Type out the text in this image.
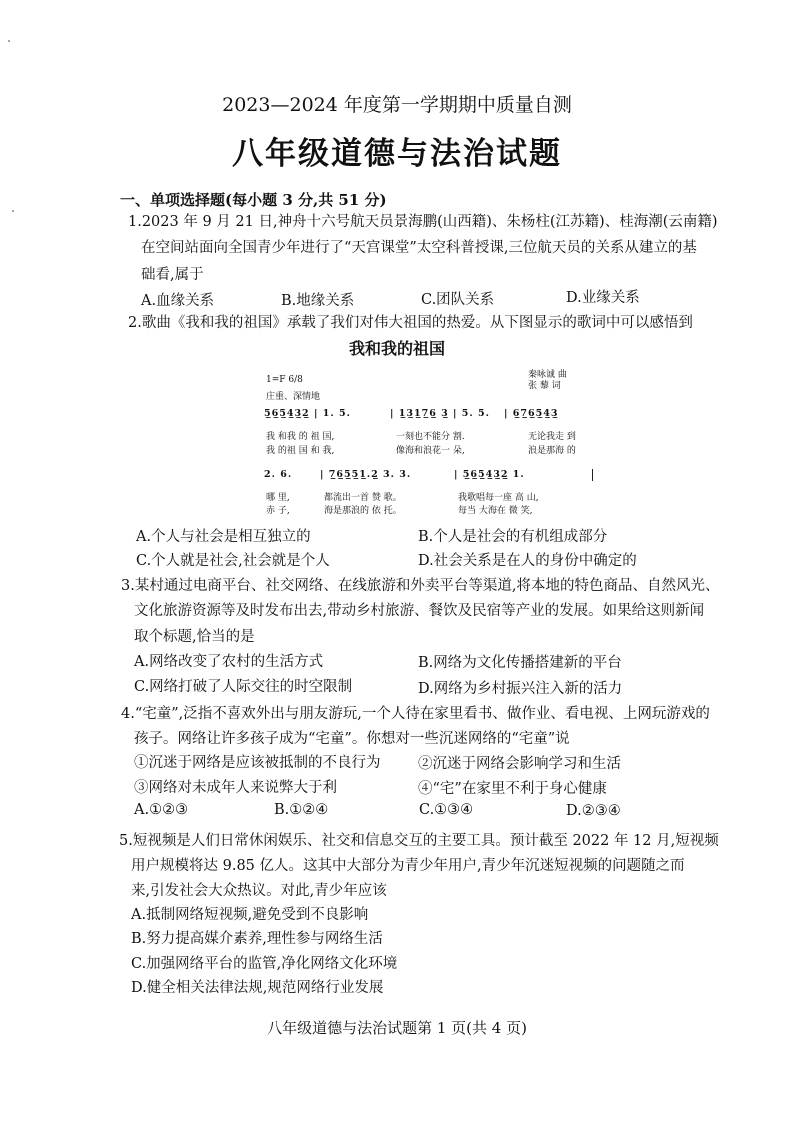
2023—2024 年度第一学期期中质量自测
八年级道德与法治试题
一、单项选择题(每小题 3 分,共 51 分)
1.2023 年 9 月 21 日,神舟十六号航天员景海鹏(山西籍)、朱杨柱(江苏籍)、桂海潮(云南籍)
在空间站面向全国青少年进行了“天宫课堂”太空科普授课,三位航天员的关系从建立的基
础看,属于
A.血缘关系	B.地缘关系	C.团队关系	D.业缘关系
2.歌曲《我和我的祖国》承载了我们对伟大祖国的热爱。从下图显示的歌词中可以感悟到
我和我的祖国
1=F 6/8
庄重、深情地
秦咏诚 曲
张 藜 词
5̲6̲5̲4̲3̲2̲ | 1. 5.	| 1̲3̲1̲7̲6̲ 3̲ | 5. 5. | 6̲7̲6̲5̲4̲3̲
我 和我 的 祖 国,	一刻也不能分 割.	无论我走 到
我 的祖 国 和 我,	像海和浪花一 朵,	浪是那海 的
2. 6.	| 7̲6̲5̲5̲1̲.2̲ 3. 3.	| 5̲6̲5̲4̲3̲2̲ 1.
哪 里,	都流出一首 赞 歌。	我歌唱每一座 高 山,
赤 子,	海是那浪的 依 托。	每当 大海在 微 笑,
A.个人与社会是相互独立的	B.个人是社会的有机组成部分
C.个人就是社会,社会就是个人	D.社会关系是在人的身份中确定的
3.某村通过电商平台、社交网络、在线旅游和外卖平台等渠道,将本地的特色商品、自然风光、
文化旅游资源等及时发布出去,带动乡村旅游、餐饮及民宿等产业的发展。如果给这则新闻
取个标题,恰当的是
A.网络改变了农村的生活方式	B.网络为文化传播搭建新的平台
C.网络打破了人际交往的时空限制	D.网络为乡村振兴注入新的活力
4.“宅童”,泛指不喜欢外出与朋友游玩,一个人待在家里看书、做作业、看电视、上网玩游戏的
孩子。网络让许多孩子成为“宅童”。你想对一些沉迷网络的“宅童”说
①沉迷于网络是应该被抵制的不良行为	②沉迷于网络会影响学习和生活
③网络对未成年人来说弊大于利	④“宅”在家里不利于身心健康
A.①②③	B.①②④	C.①③④	D.②③④
5.短视频是人们日常休闲娱乐、社交和信息交互的主要工具。预计截至 2022 年 12 月,短视频
用户规模将达 9.85 亿人。这其中大部分为青少年用户,青少年沉迷短视频的问题随之而
来,引发社会大众热议。对此,青少年应该
A.抵制网络短视频,避免受到不良影响
B.努力提高媒介素养,理性参与网络生活
C.加强网络平台的监管,净化网络文化环境
D.健全相关法律法规,规范网络行业发展
八年级道德与法治试题第 1 页(共 4 页)
